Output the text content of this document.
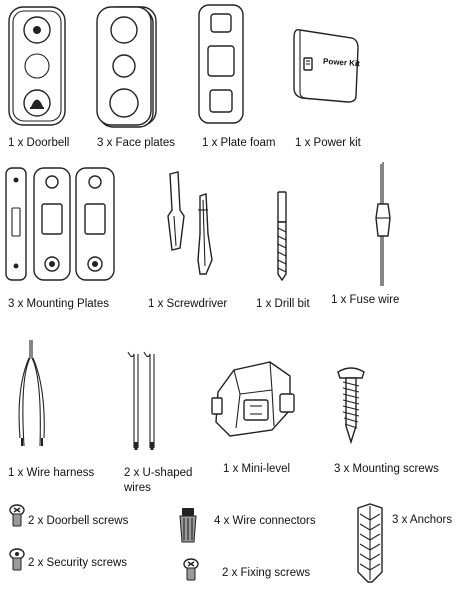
1 x Doorbell 3 x Face plates 1 x Plate foam
Power Kit
1 x Power kit
3 x Mounting Plates	1 x Screwdriver	1 x Drill bit 1 x Fuse wire
1 x Wire harness	2 x U-shaped wires
1 x Mini-level	3 x Mounting screws
2 x Doorbell screws	4 x Wire connectors	3 x Anchors
2 x Security screws
2 x Fixing screws
